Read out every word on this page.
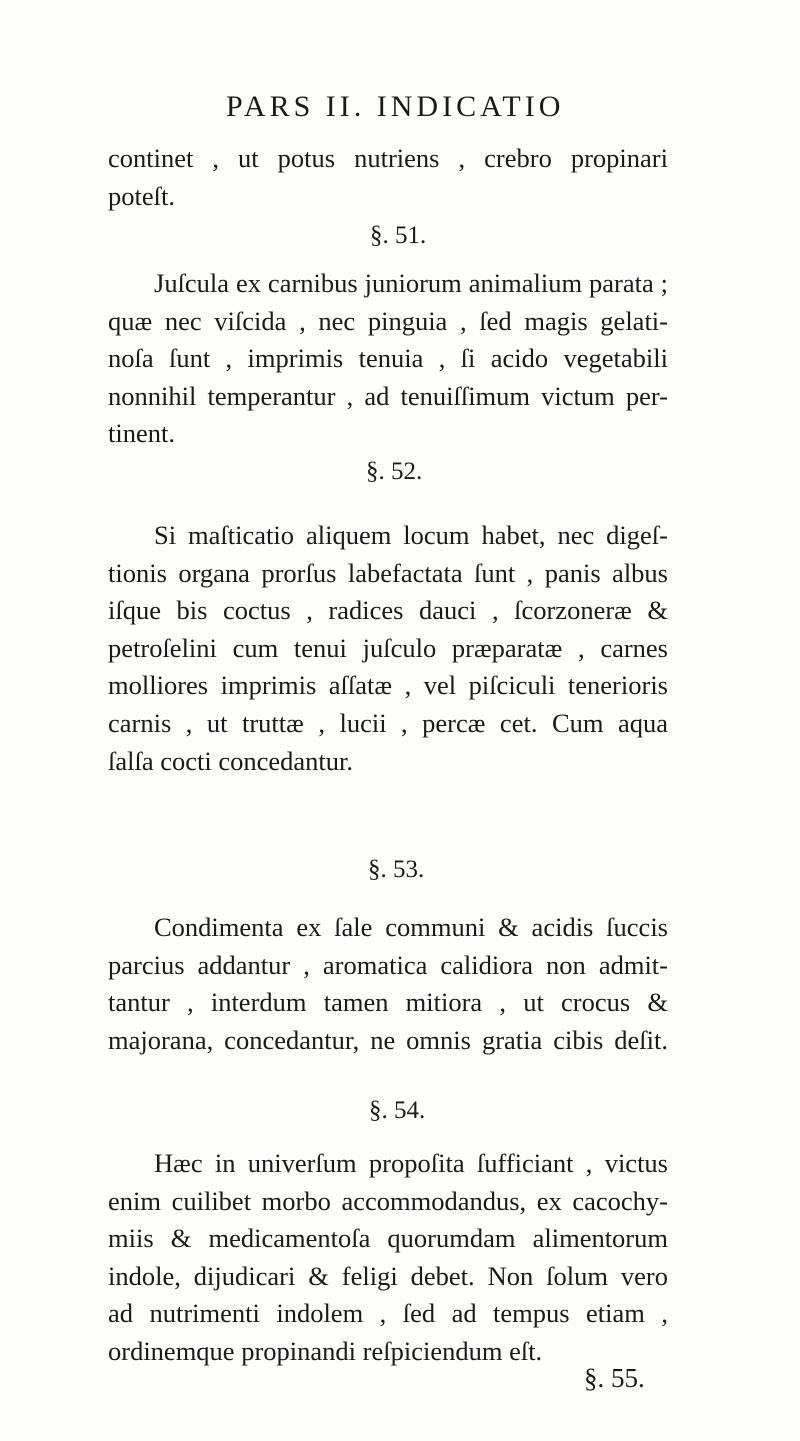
PARS II. INDICATIO
continet , ut potus nutriens , crebro propinari
poteſt.
§. 51.
Juſcula ex carnibus juniorum animalium parata ;
quæ nec viſcida , nec pinguia , ſed magis gelati-
noſa ſunt , imprimis tenuia , ſi acido vegetabili
nonnihil temperantur , ad tenuiſſimum victum per-
tinent.
§. 52.
Si maſticatio aliquem locum habet, nec digeſ-
tionis organa prorſus labefactata ſunt , panis albus
iſque bis coctus , radices dauci , ſcorzoneræ &
petroſelini cum tenui juſculo præparatæ , carnes
molliores imprimis aſſatæ , vel piſciculi tenerioris
carnis , ut truttæ , lucii , percæ cet. Cum aqua
ſalſa cocti concedantur.
§. 53.
Condimenta ex ſale communi & acidis ſuccis
parcius addantur , aromatica calidiora non admit-
tantur , interdum tamen mitiora , ut crocus &
majorana, concedantur, ne omnis gratia cibis deſit.
§. 54.
Hæc in univerſum propoſita ſufficiant , victus
enim cuilibet morbo accommodandus, ex cacochy-
miis & medicamentoſa quorumdam alimentorum
indole, dijudicari & feligi debet. Non ſolum vero
ad nutrimenti indolem , ſed ad tempus etiam ,
ordinemque propinandi reſpiciendum eſt.
§. 55.
